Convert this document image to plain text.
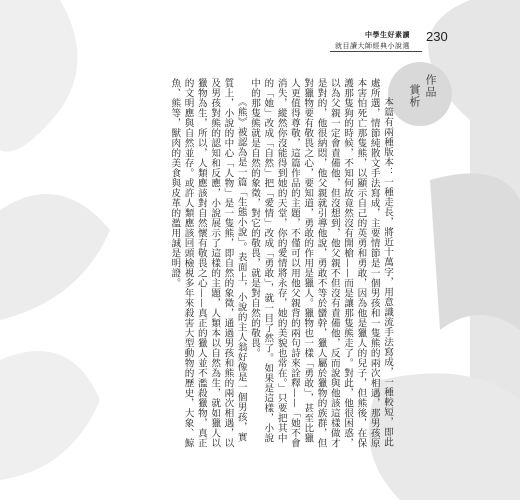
中學生好素讀
就目讀大師經典小說選
230
作品
賞析

本篇有兩種版本：一種走長，將近十萬字，用意識流手法寫成，一種較短，即此處所選，情節純散文手法寫成，主要情節是一個男孩和一隻熊的兩次相遇，那男孩原本害怕死亡那隻熊，以顯示自己的英勇和勇敢，因為他是獵人的兒子，但熊後，在保護那隻狗的時候，不知何故竟然沒有開槍——而是讓那隻熊走了。對此，他很困惑，以為父親一定會責備他，但沒想到，他父親不但沒有責備他，反而說與他該這樣做才是對的，他很納悶，他父親就引導他說，勇敢不等於蠻幹，獵人屬於獵物的族群，但對獵物要有敬畏之心，要知道，勇敢的作用是獵人。獵物也一樣「勇敢」，甚至比獵人更值得尊敬，這篇作品的主題，不僅可以用他父親背的兩句詩來詮釋——「她不會消失，縱然你沒能得到她的天堂，你的愛情將永存，她的美貌也常在。」只要把其中的「她」改成「自然」把「愛情」改成「勇敢」，就一目了然了。如果是這樣，小說中的那隻熊就是自然的象徵，對它的敬畏，就是對自然的敬畏。

《熊》被認為是一篇「生態小說」。表面上，小說的主人翁好像是一個男孩，實質上，小說的中心「人物」是一隻熊，即自然的象徵，通過男孩和熊的兩次相遇，以及男孩對熊的認知和反應，小說展示了這樣的主題，人類本以自然為生，就如獵人以獵物為生，所以，人類應該對自然懷有敬畏之心——真正的獵人並不濫殺獵物，真正的文明應與自然並存。或許人類應該回頭檢視多年來殺害大型動物的歷史，大象、鯨魚、熊等，獸肉的美食與皮革的濫用誠是明證。
